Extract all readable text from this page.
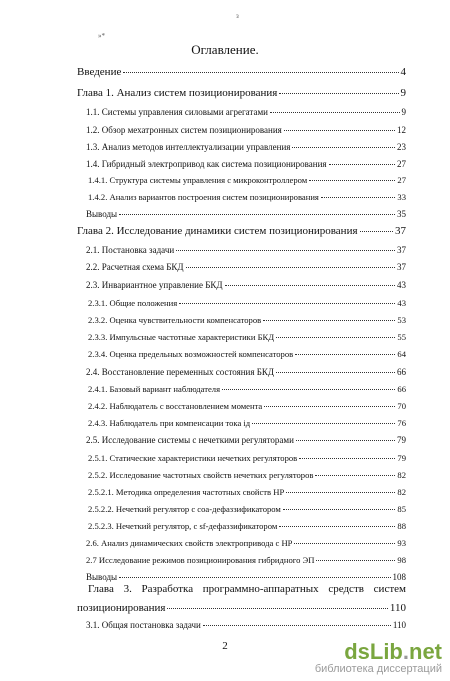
з
»*
Оглавление.
Введение	4
Глава 1. Анализ систем позиционирования	9
1.1. Системы управления силовыми агрегатами	9
1.2. Обзор мехатронных систем позиционирования	12
1.3. Анализ методов интеллектуализации управления	23
1.4. Гибридный электропривод как система позиционирования	27
1.4.1. Структура системы управления с микроконтроллером	27
1.4.2. Анализ вариантов построения систем позиционирования	33
Выводы	35
Глава 2. Исследование динамики систем позиционирования	37
2.1. Постановка задачи	37
2.2. Расчетная схема БКД	37
2.3. Инвариантное управление БКД	43
2.3.1. Общие положения	43
2.3.2. Оценка чувствительности компенсаторов	53
2.3.3. Импульсные частотные характеристики БКД	55
2.3.4. Оценка предельных возможностей компенсаторов	64
2.4. Восстановление переменных состояния БКД	66
2.4.1. Базовый вариант наблюдателя	66
2.4.2. Наблюдатель с восстановлением момента	70
2.4.3. Наблюдатель при компенсации тока iд	76
2.5. Исследование системы с нечеткими регуляторами	79
2.5.1. Статические характеристики нечетких регуляторов	79
2.5.2. Исследование частотных свойств нечетких регуляторов	82
2.5.2.1. Методика определения частотных свойств НР	82
2.5.2.2. Нечеткий регулятор с coa-дефаззификатором	85
2.5.2.3. Нечеткий регулятор, с sf-дефаззификатором	88
2.6. Анализ динамических свойств электропривода с НР	93
2.7 Исследование режимов позиционирования гибридного ЭП	98
Выводы	108
Глава 3. Разработка программно-аппаратных средств систем
позиционирования	110
3.1. Общая постановка задачи	110
2	dsLib.net
библиотека диссертаций
